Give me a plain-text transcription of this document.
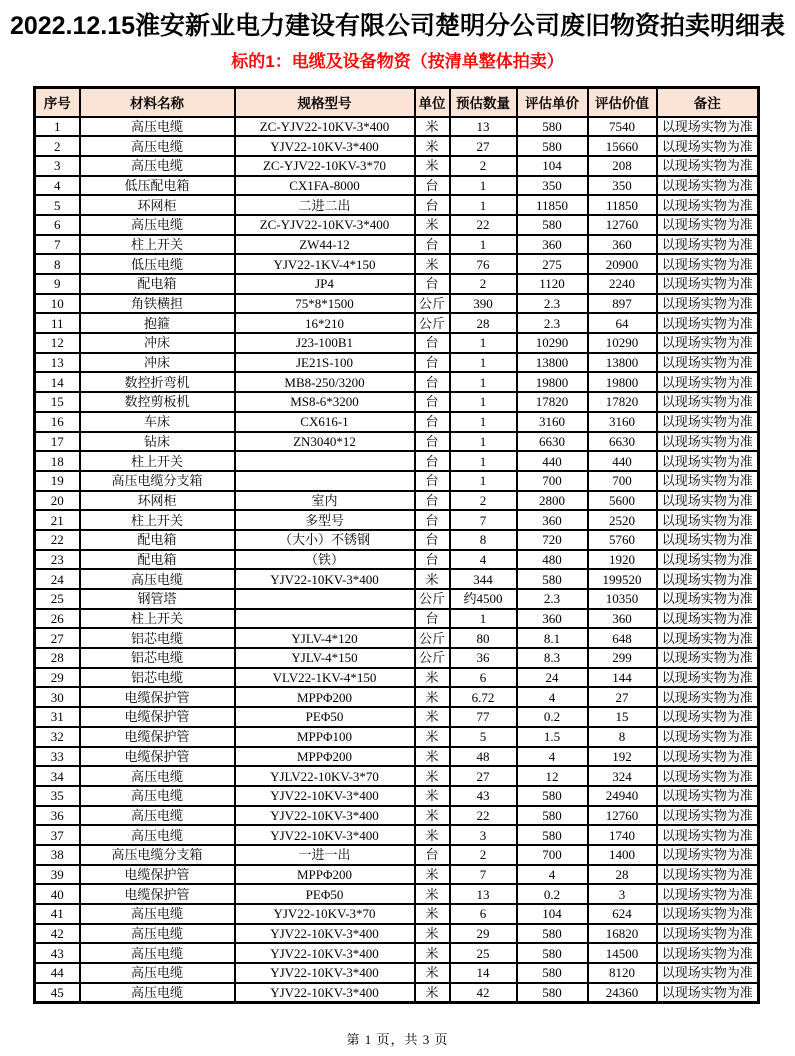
2022.12.15淮安新业电力建设有限公司楚明分公司废旧物资拍卖明细表
标的1：电缆及设备物资（按清单整体拍卖）
序号	材料名称	规格型号	单位	预估数量	评估单价	评估价值	备注
1	高压电缆	ZC-YJV22-10KV-3*400	米	13	580	7540	以现场实物为准
2	高压电缆	YJV22-10KV-3*400	米	27	580	15660	以现场实物为准
3	高压电缆	ZC-YJV22-10KV-3*70	米	2	104	208	以现场实物为准
4	低压配电箱	CX1FA-8000	台	1	350	350	以现场实物为准
5	环网柜	二进二出	台	1	11850	11850	以现场实物为准
6	高压电缆	ZC-YJV22-10KV-3*400	米	22	580	12760	以现场实物为准
7	柱上开关	ZW44-12	台	1	360	360	以现场实物为准
8	低压电缆	YJV22-1KV-4*150	米	76	275	20900	以现场实物为准
9	配电箱	JP4	台	2	1120	2240	以现场实物为准
10	角铁横担	75*8*1500	公斤	390	2.3	897	以现场实物为准
11	抱箍	16*210	公斤	28	2.3	64	以现场实物为准
12	冲床	J23-100B1	台	1	10290	10290	以现场实物为准
13	冲床	JE21S-100	台	1	13800	13800	以现场实物为准
14	数控折弯机	MB8-250/3200	台	1	19800	19800	以现场实物为准
15	数控剪板机	MS8-6*3200	台	1	17820	17820	以现场实物为准
16	车床	CX616-1	台	1	3160	3160	以现场实物为准
17	钻床	ZN3040*12	台	1	6630	6630	以现场实物为准
18	柱上开关		台	1	440	440	以现场实物为准
19	高压电缆分支箱		台	1	700	700	以现场实物为准
20	环网柜	室内	台	2	2800	5600	以现场实物为准
21	柱上开关	多型号	台	7	360	2520	以现场实物为准
22	配电箱	（大小）不锈钢	台	8	720	5760	以现场实物为准
23	配电箱	（铁）	台	4	480	1920	以现场实物为准
24	高压电缆	YJV22-10KV-3*400	米	344	580	199520	以现场实物为准
25	钢管塔		公斤	约4500	2.3	10350	以现场实物为准
26	柱上开关		台	1	360	360	以现场实物为准
27	铝芯电缆	YJLV-4*120	公斤	80	8.1	648	以现场实物为准
28	铝芯电缆	YJLV-4*150	公斤	36	8.3	299	以现场实物为准
29	铝芯电缆	VLV22-1KV-4*150	米	6	24	144	以现场实物为准
30	电缆保护管	MPPΦ200	米	6.72	4	27	以现场实物为准
31	电缆保护管	PEΦ50	米	77	0.2	15	以现场实物为准
32	电缆保护管	MPPΦ100	米	5	1.5	8	以现场实物为准
33	电缆保护管	MPPΦ200	米	48	4	192	以现场实物为准
34	高压电缆	YJLV22-10KV-3*70	米	27	12	324	以现场实物为准
35	高压电缆	YJV22-10KV-3*400	米	43	580	24940	以现场实物为准
36	高压电缆	YJV22-10KV-3*400	米	22	580	12760	以现场实物为准
37	高压电缆	YJV22-10KV-3*400	米	3	580	1740	以现场实物为准
38	高压电缆分支箱	一进一出	台	2	700	1400	以现场实物为准
39	电缆保护管	MPPΦ200	米	7	4	28	以现场实物为准
40	电缆保护管	PEΦ50	米	13	0.2	3	以现场实物为准
41	高压电缆	YJV22-10KV-3*70	米	6	104	624	以现场实物为准
42	高压电缆	YJV22-10KV-3*400	米	29	580	16820	以现场实物为准
43	高压电缆	YJV22-10KV-3*400	米	25	580	14500	以现场实物为准
44	高压电缆	YJV22-10KV-3*400	米	14	580	8120	以现场实物为准
45	高压电缆	YJV22-10KV-3*400	米	42	580	24360	以现场实物为准
第 1 页，共 3 页
